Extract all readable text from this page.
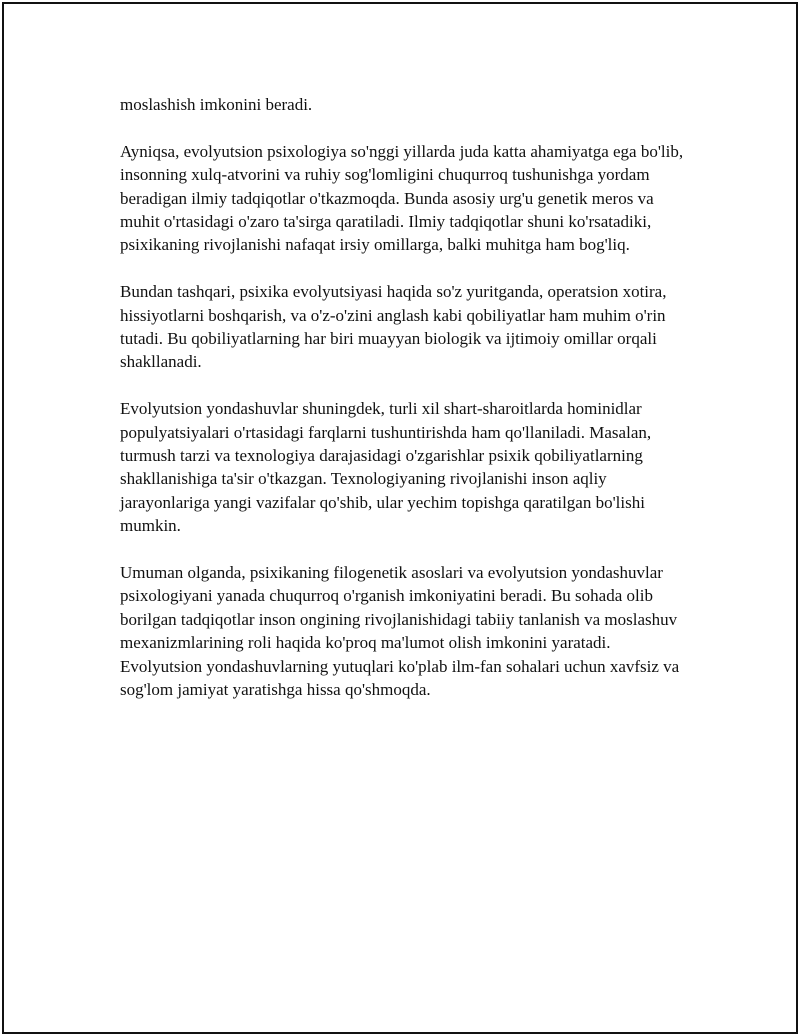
moslashish imkonini beradi.

Ayniqsa, evolyutsion psixologiya so'nggi yillarda juda katta ahamiyatga ega bo'lib, insonning xulq-atvorini va ruhiy sog'lomligini chuqurroq tushunishga yordam beradigan ilmiy tadqiqotlar o'tkazmoqda. Bunda asosiy urg'u genetik meros va muhit o'rtasidagi o'zaro ta'sirga qaratiladi. Ilmiy tadqiqotlar shuni ko'rsatadiki, psixikaning rivojlanishi nafaqat irsiy omillarga, balki muhitga ham bog'liq.

Bundan tashqari, psixika evolyutsiyasi haqida so'z yuritganda, operatsion xotira, hissiyotlarni boshqarish, va o'z-o'zini anglash kabi qobiliyatlar ham muhim o'rin tutadi. Bu qobiliyatlarning har biri muayyan biologik va ijtimoiy omillar orqali shakllanadi.

Evolyutsion yondashuvlar shuningdek, turli xil shart-sharoitlarda hominidlar populyatsiyalari o'rtasidagi farqlarni tushuntirishda ham qo'llaniladi. Masalan, turmush tarzi va texnologiya darajasidagi o'zgarishlar psixik qobiliyatlarning shakllanishiga ta'sir o'tkazgan. Texnologiyaning rivojlanishi inson aqliy jarayonlariga yangi vazifalar qo'shib, ular yechim topishga qaratilgan bo'lishi mumkin.

Umuman olganda, psixikaning filogenetik asoslari va evolyutsion yondashuvlar psixologiyani yanada chuqurroq o'rganish imkoniyatini beradi. Bu sohada olib borilgan tadqiqotlar inson ongining rivojlanishidagi tabiiy tanlanish va moslashuv mexanizmlarining roli haqida ko'proq ma'lumot olish imkonini yaratadi. Evolyutsion yondashuvlarning yutuqlari ko'plab ilm-fan sohalari uchun xavfsiz va sog'lom jamiyat yaratishga hissa qo'shmoqda.
